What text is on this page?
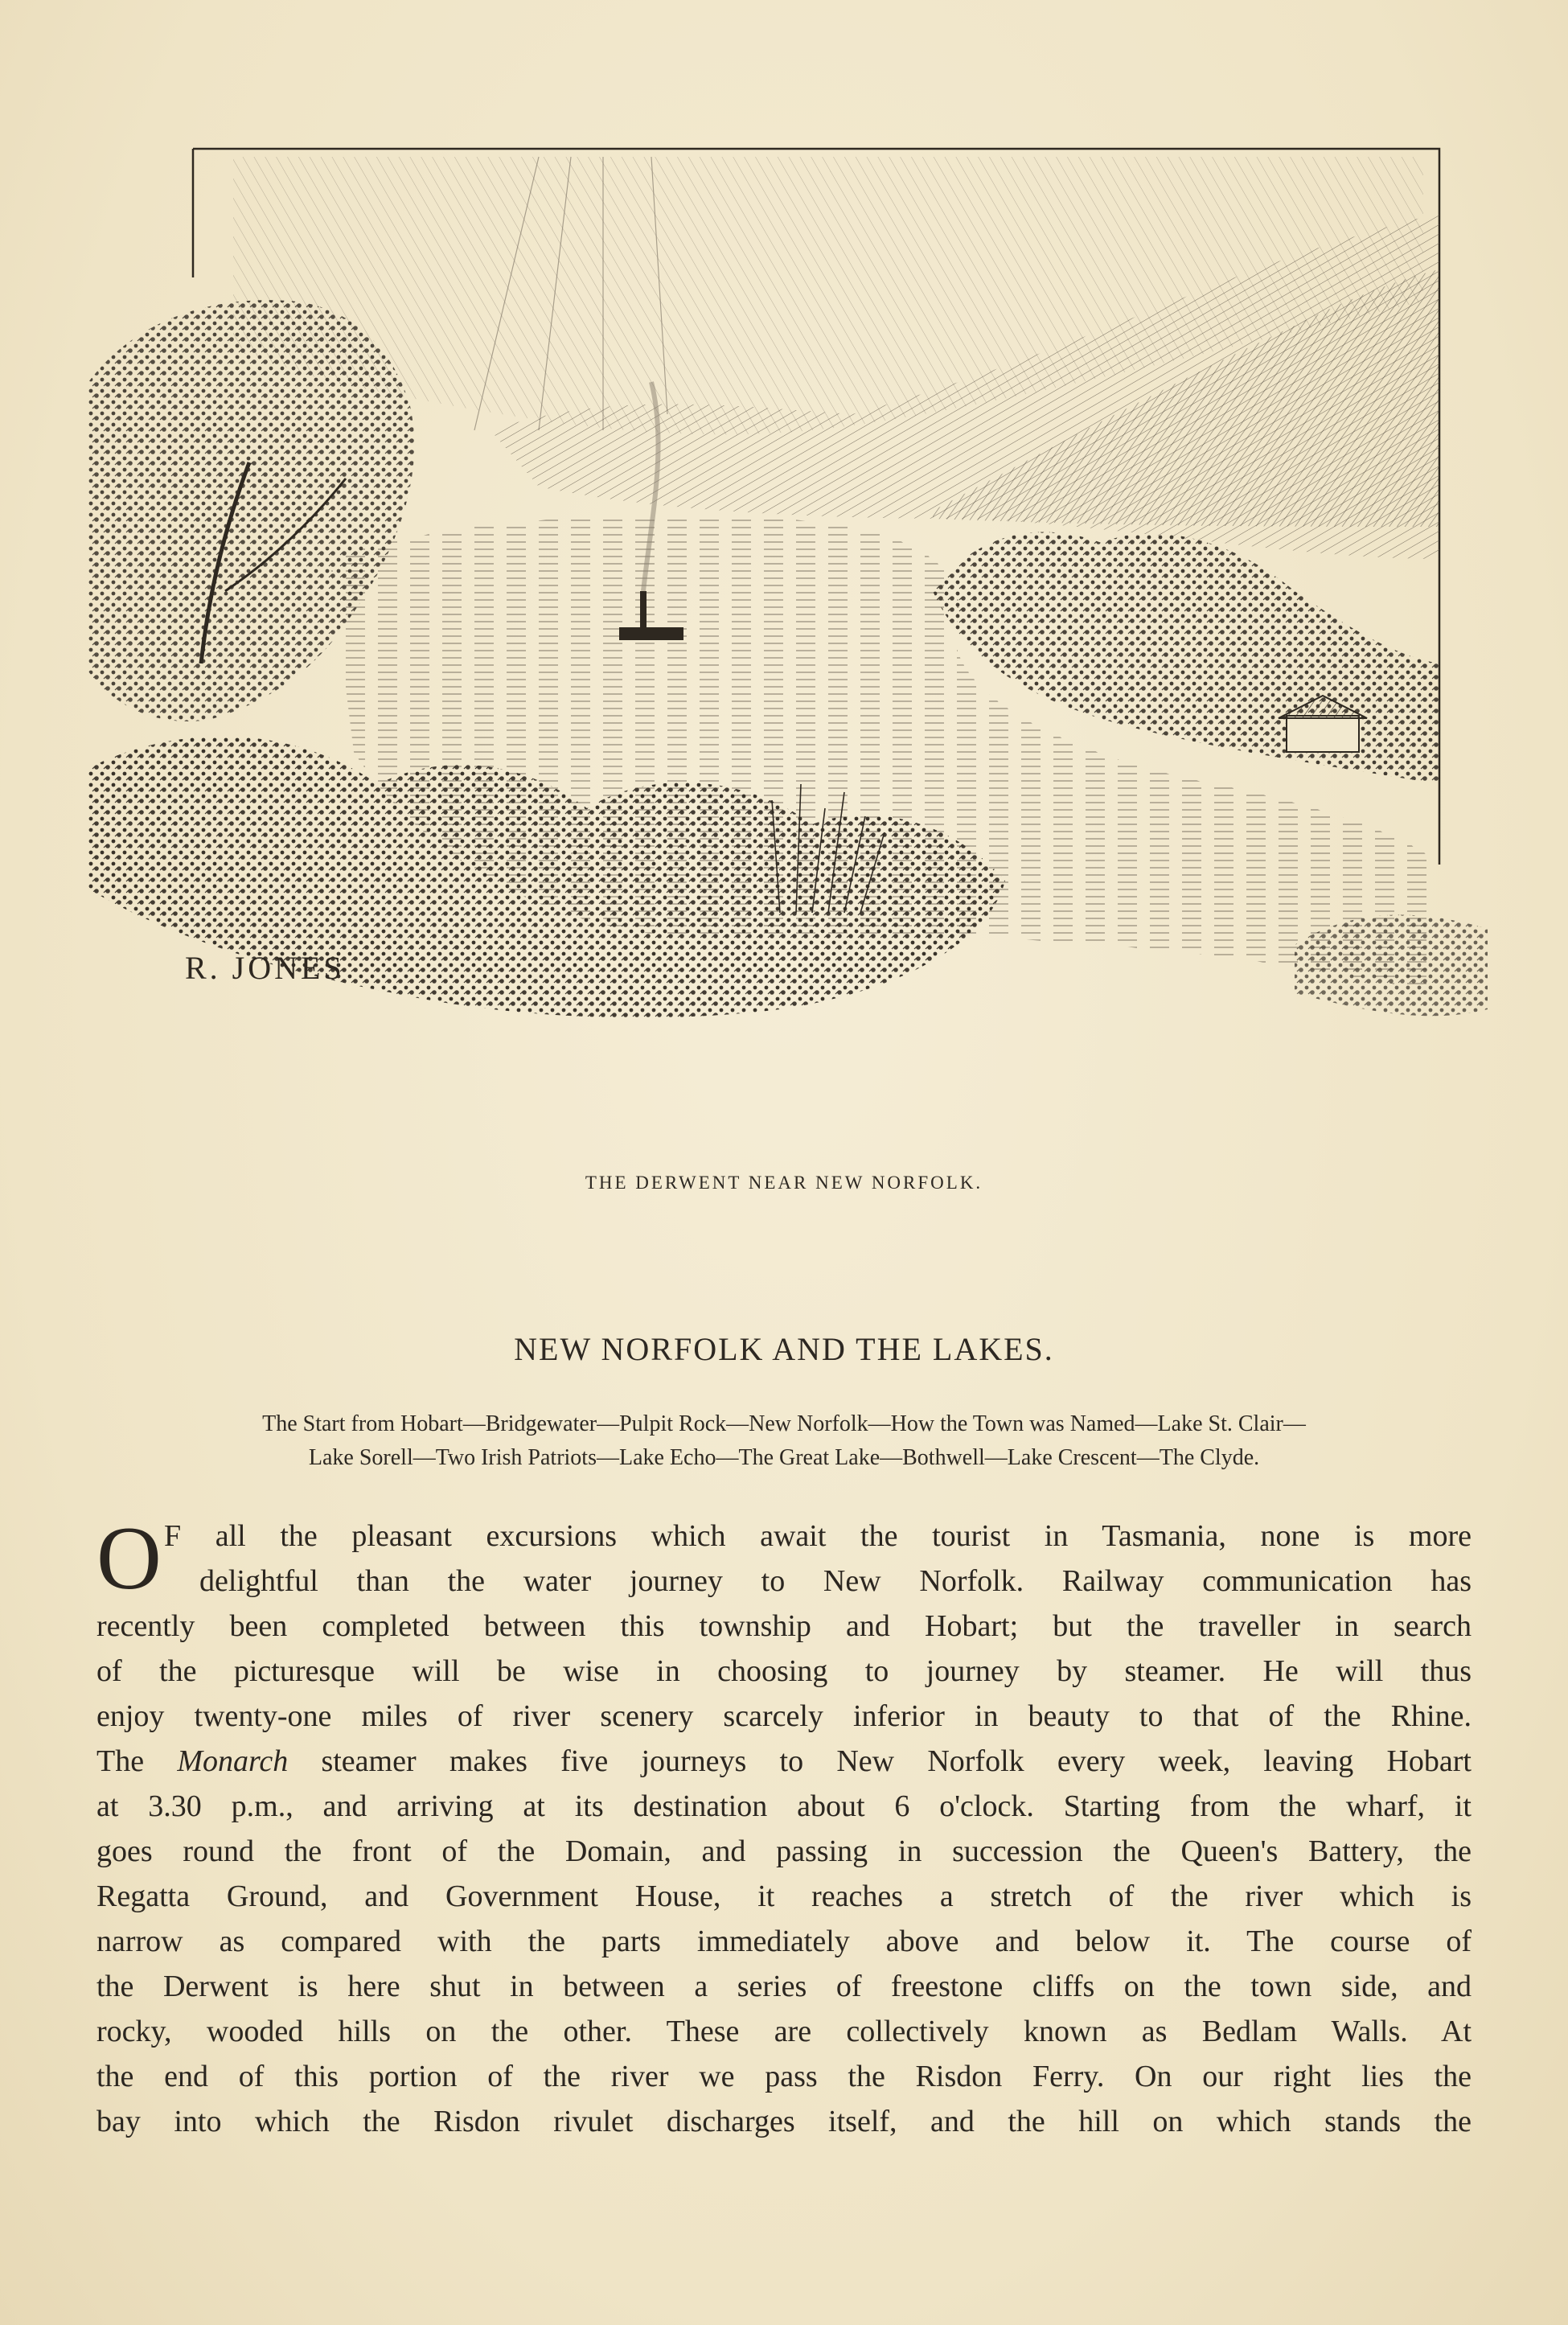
R. JONES
THE DERWENT NEAR NEW NORFOLK.
NEW NORFOLK AND THE LAKES.
The Start from Hobart—Bridgewater—Pulpit Rock—New Norfolk—How the Town was Named—Lake St. Clair—
Lake Sorell—Two Irish Patriots—Lake Echo—The Great Lake—Bothwell—Lake Crescent—The Clyde.
O F all the pleasant excursions which await the tourist in Tasmania, none is more
delightful than the water journey to New Norfolk. Railway communication has
recently been completed between this township and Hobart; but the traveller in search
of the picturesque will be wise in choosing to journey by steamer. He will thus
enjoy twenty-one miles of river scenery scarcely inferior in beauty to that of the Rhine.
The Monarch steamer makes five journeys to New Norfolk every week, leaving Hobart
at 3.30 p.m., and arriving at its destination about 6 o'clock. Starting from the wharf, it
goes round the front of the Domain, and passing in succession the Queen's Battery, the
Regatta Ground, and Government House, it reaches a stretch of the river which is
narrow as compared with the parts immediately above and below it. The course of
the Derwent is here shut in between a series of freestone cliffs on the town side, and
rocky, wooded hills on the other. These are collectively known as Bedlam Walls. At
the end of this portion of the river we pass the Risdon Ferry. On our right lies the
bay into which the Risdon rivulet discharges itself, and the hill on which stands the
